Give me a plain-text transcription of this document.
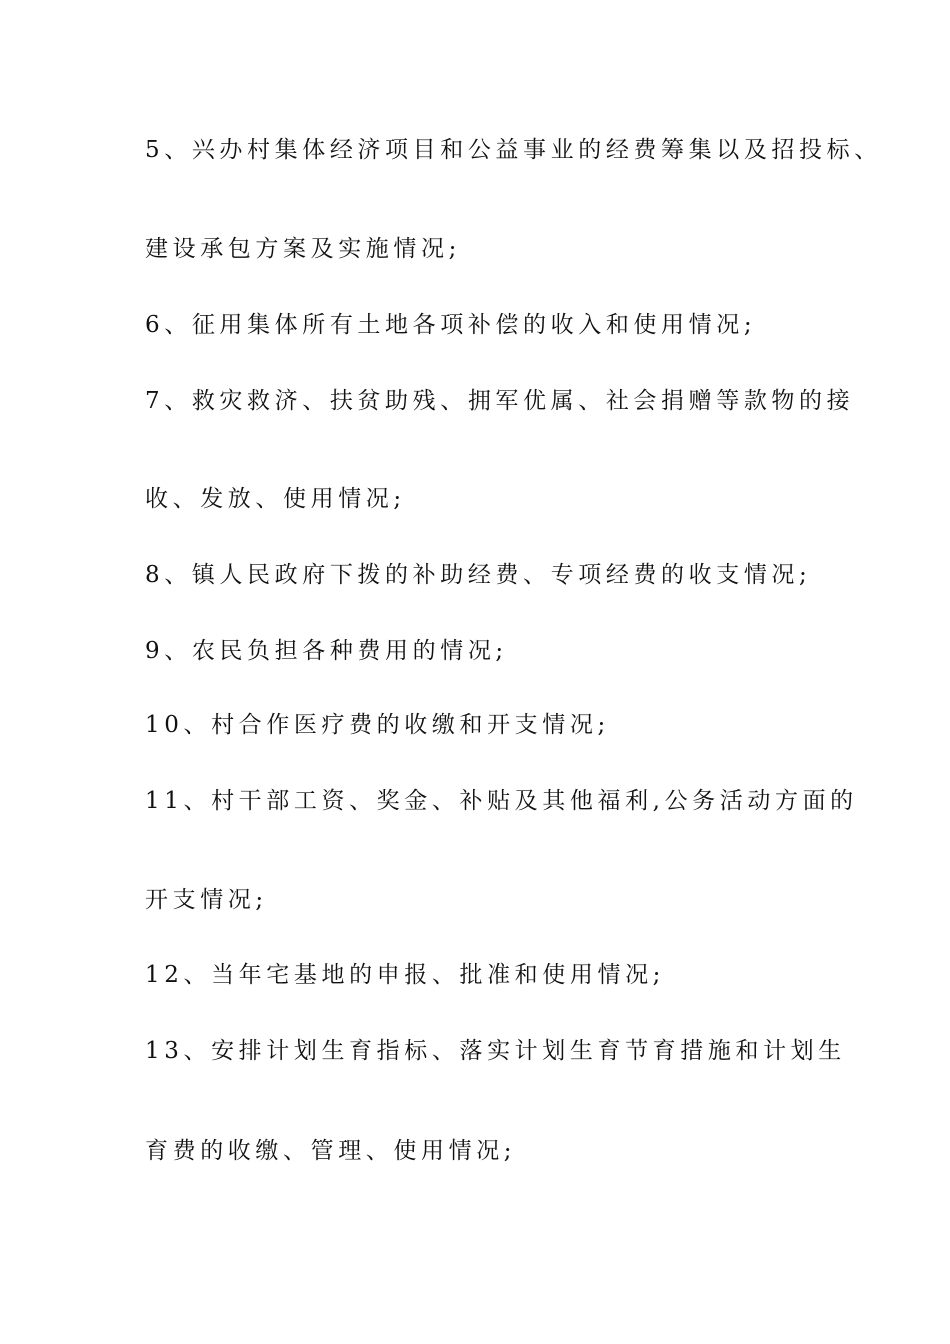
5、兴办村集体经济项目和公益事业的经费筹集以及招投标、
建设承包方案及实施情况;
6、征用集体所有土地各项补偿的收入和使用情况;
7、救灾救济、扶贫助残、拥军优属、社会捐赠等款物的接
收、发放、使用情况;
8、镇人民政府下拨的补助经费、专项经费的收支情况;
9、农民负担各种费用的情况;
10、村合作医疗费的收缴和开支情况;
11、村干部工资、奖金、补贴及其他福利,公务活动方面的
开支情况;
12、当年宅基地的申报、批准和使用情况;
13、安排计划生育指标、落实计划生育节育措施和计划生
育费的收缴、管理、使用情况;
